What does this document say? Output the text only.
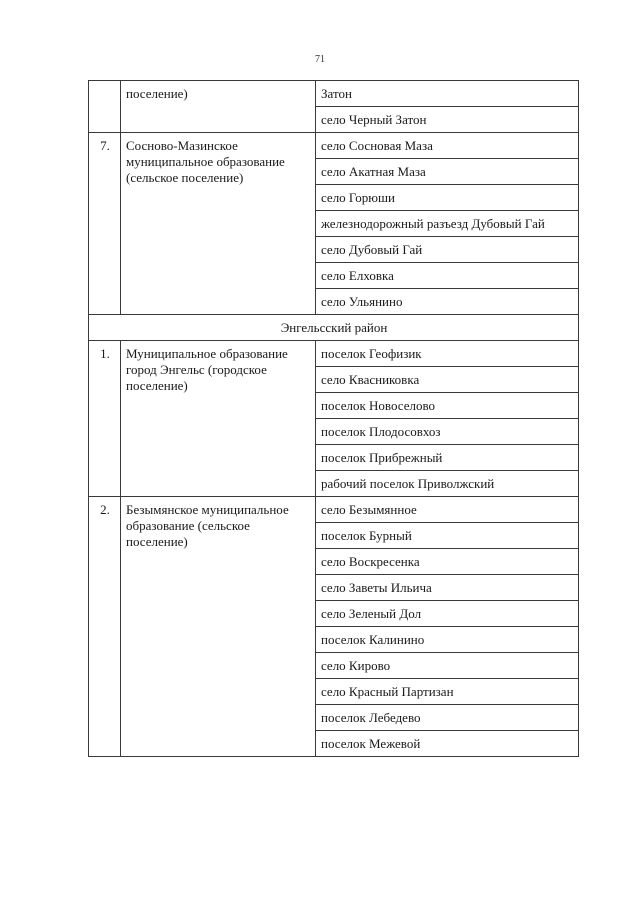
71
	поселение)	Затон
		село Черный Затон
7.	Сосново-Мазинское муниципальное образование (сельское поселение)	село Сосновая Маза
		село Акатная Маза
		село Горюши
		железнодорожный разъезд Дубовый Гай
		село Дубовый Гай
		село Елховка
		село Ульянино
Энгельсский район		
1.	Муниципальное образование город Энгельс (городское поселение)	поселок Геофизик
		село Квасниковка
		поселок Новоселово
		поселок Плодосовхоз
		поселок Прибрежный
		рабочий поселок Приволжский
2.	Безымянское муниципальное образование (сельское поселение)	село Безымянное
		поселок Бурный
		село Воскресенка
		село Заветы Ильича
		село Зеленый Дол
		поселок Калинино
		село Кирово
		село Красный Партизан
		поселок Лебедево
		поселок Межевой
